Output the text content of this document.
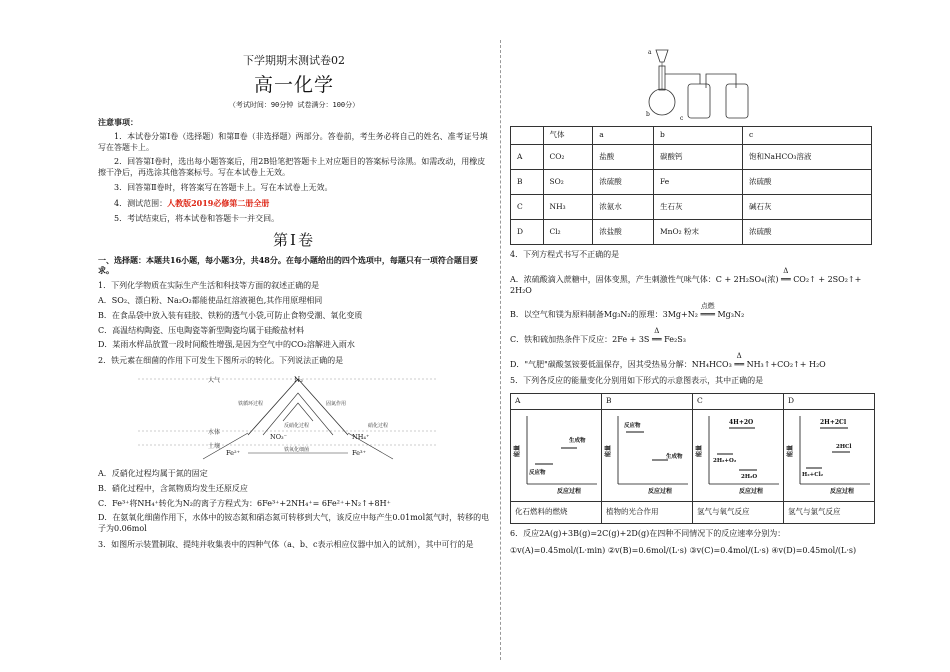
下学期期末测试卷02
高一化学
（考试时间：90分钟 试卷满分：100分）
注意事项：
1．本试卷分第Ⅰ卷（选择题）和第Ⅱ卷（非选择题）两部分。答卷前，考生务必将自己的姓名、准考证号填写在答题卡上。
2．回答第Ⅰ卷时，选出每小题答案后，用2B铅笔把答题卡上对应题目的答案标号涂黑。如需改动，用橡皮擦干净后，再选涂其他答案标号。写在本试卷上无效。
3．回答第Ⅱ卷时，将答案写在答题卡上。写在本试卷上无效。
4．测试范围：人教版2019必修第二册全册
5．考试结束后，将本试卷和答题卡一并交回。
第Ⅰ卷
一、选择题：本题共16小题，每小题3分，共48分。在每小题给出的四个选项中，每题只有一项符合题目要求。
1．下列化学物质在实际生产生活和科技等方面的叙述正确的是
A．SO₂、漂白粉、Na₂O₂都能使品红溶液褪色,其作用原理相同
B．在食品袋中放入装有硅胶、铁粉的透气小袋,可防止食物受潮、氧化变质
C．高温结构陶瓷、压电陶瓷等新型陶瓷均属于硅酸盐材料
D．某雨水样品放置一段时间酸性增强,是因为空气中的CO₂溶解进入雨水
2．铁元素在细菌的作用下可发生下图所示的转化。下列说法正确的是
大气
水体
土壤
N₂
NO₃⁻	NH₄⁺
反硝化过程	硝化过程
铁循环过程	固氮作用
Fe²⁺	Fe³⁺
铁氧化细菌
A．反硝化过程均属于氮的固定
B．硝化过程中，含氮物质均发生还原反应
C．Fe³⁺将NH₄⁺转化为N₂的离子方程式为：6Fe³⁺+2NH₄⁺= 6Fe²⁺+N₂↑+8H⁺
D．在氨氧化细菌作用下，水体中的铵态氮和硝态氮可转移到大气，该反应中每产生0.01mol氮气时，转移的电子为0.06mol
3．如图所示装置制取、提纯并收集表中的四种气体（a、b、c表示相应仪器中加入的试剂），其中可行的是
a
b
c
	气体	a	b	c
A	CO₂	盐酸	碳酸钙	饱和NaHCO₃溶液
B	SO₂	浓硫酸	Fe	浓硫酸
C	NH₃	浓氨水	生石灰	碱石灰
D	Cl₂	浓盐酸	MnO₂ 粉末	浓硫酸
4．下列方程式书写不正确的是
A．浓硫酸滴入蔗糖中，固体变黑，产生刺激性气味气体：C + 2H₂SO₄(浓)
Δ
══ CO₂↑ + 2SO₂↑+ 2H₂O
B．以空气和镁为原料制备Mg₃N₂的原理：3Mg+N₂
点燃
═══ Mg₃N₂
C．铁和硫加热条件下反应：2Fe + 3S
Δ
══ Fe₂S₃
D．"气肥"碳酸氢铵要低温保存，因其受热易分解：NH₄HCO₃
Δ
══ NH₃↑+CO₂↑+ H₂O
5．下列各反应的能量变化分别用如下形式的示意图表示，其中正确的是
A	B	C	D

能量
反应过程
反应物
生成物	能量
反应过程
反应物
生成物	能量
反应过程
4H+2O
2H₂+O₂
2H₂O	能量
反应过程
2H+2Cl
H₂+Cl₂
2HCl

化石燃料的燃烧	植物的光合作用	氢气与氧气反应	氢气与氯气反应
6．反应2A(g)+3B(g)=2C(g)+2D(g)在四种不同情况下的反应速率分别为：
①v(A)=0.45mol/(L·min) ②v(B)=0.6mol/(L·s) ③v(C)=0.4mol/(L·s) ④v(D)=0.45mol/(L·s)
